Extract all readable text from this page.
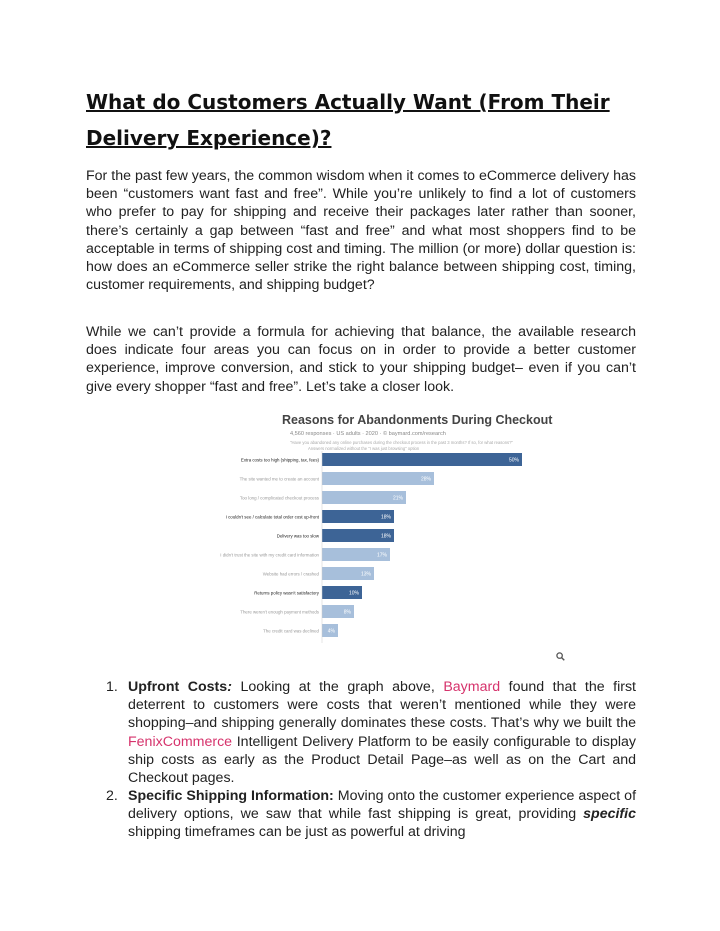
What do Customers Actually Want (From Their Delivery Experience)?

For the past few years, the common wisdom when it comes to eCommerce delivery has been “customers want fast and free”. While you’re unlikely to find a lot of customers who prefer to pay for shipping and receive their packages later rather than sooner, there’s certainly a gap between “fast and free” and what most shoppers find to be acceptable in terms of shipping cost and timing. The million (or more) dollar question is: how does an eCommerce seller strike the right balance between shipping cost, timing, customer requirements, and shipping budget?

While we can’t provide a formula for achieving that balance, the available research does indicate four areas you can focus on in order to provide a better customer experience, improve conversion, and stick to your shipping budget– even if you can’t give every shopper “fast and free”. Let’s take a closer look.

Extra costs too high (shipping, tax, fees)	50%
The site wanted me to create an account	28%
Too long / complicated checkout process	21%
I couldn't see / calculate total order cost up-front	18%
Delivery was too slow	18%
I didn't trust the site with my credit card information	17%
Website had errors / crashed	13%
Returns policy wasn't satisfactory	10%
There weren't enough payment methods	8%
The credit card was declined 4%
Reasons for Abandonments During Checkout
4,560 responses · US adults · 2020 · © baymard.com/research
"Have you abandoned any online purchases during the checkout process in the past 3 months? If so, for what reasons?"
Answers normalized without the "I was just browsing" option
1. Upfront Costs: Looking at the graph above, Baymard found that the first deterrent to customers were costs that weren’t mentioned while they were shopping–and shipping generally dominates these costs. That’s why we built the FenixCommerce Intelligent Delivery Platform to be easily configurable to display ship costs as early as the Product Detail Page–as well as on the Cart and Checkout pages.
2. Specific Shipping Information: Moving onto the customer experience aspect of delivery options, we saw that while fast shipping is great, providing specific shipping timeframes can be just as powerful at driving
